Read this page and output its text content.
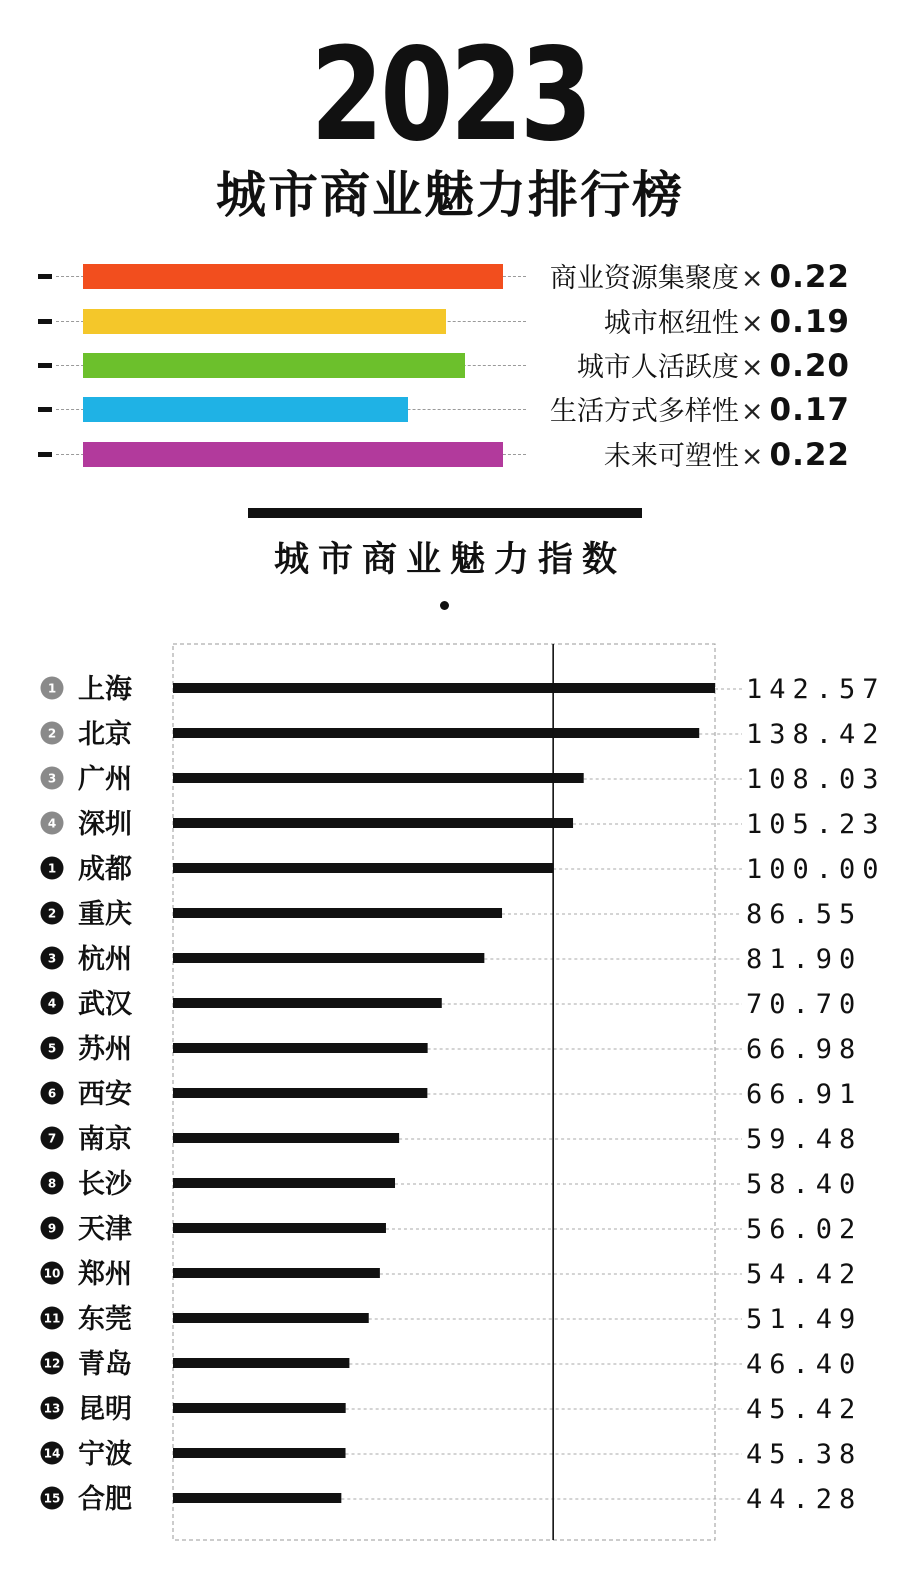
2023
城市商业魅力排行榜
商业资源集聚度× 0.22
城市枢纽性× 0.19
城市人活跃度× 0.20
生活方式多样性× 0.17
未来可塑性× 0.22
城市商业魅力指数
1 上海	142.57
2 北京	138.42
3 广州	108.03
4 深圳	105.23
1 成都	100.00
2 重庆	86.55
3 杭州	81.90
4 武汉	70.70
5 苏州	66.98
6 西安	66.91
7 南京	59.48
8 长沙	58.40
9 天津	56.02
10 郑州	54.42
11 东莞	51.49
12 青岛	46.40
13 昆明	45.42
14 宁波	45.38
15 合肥	44.28
